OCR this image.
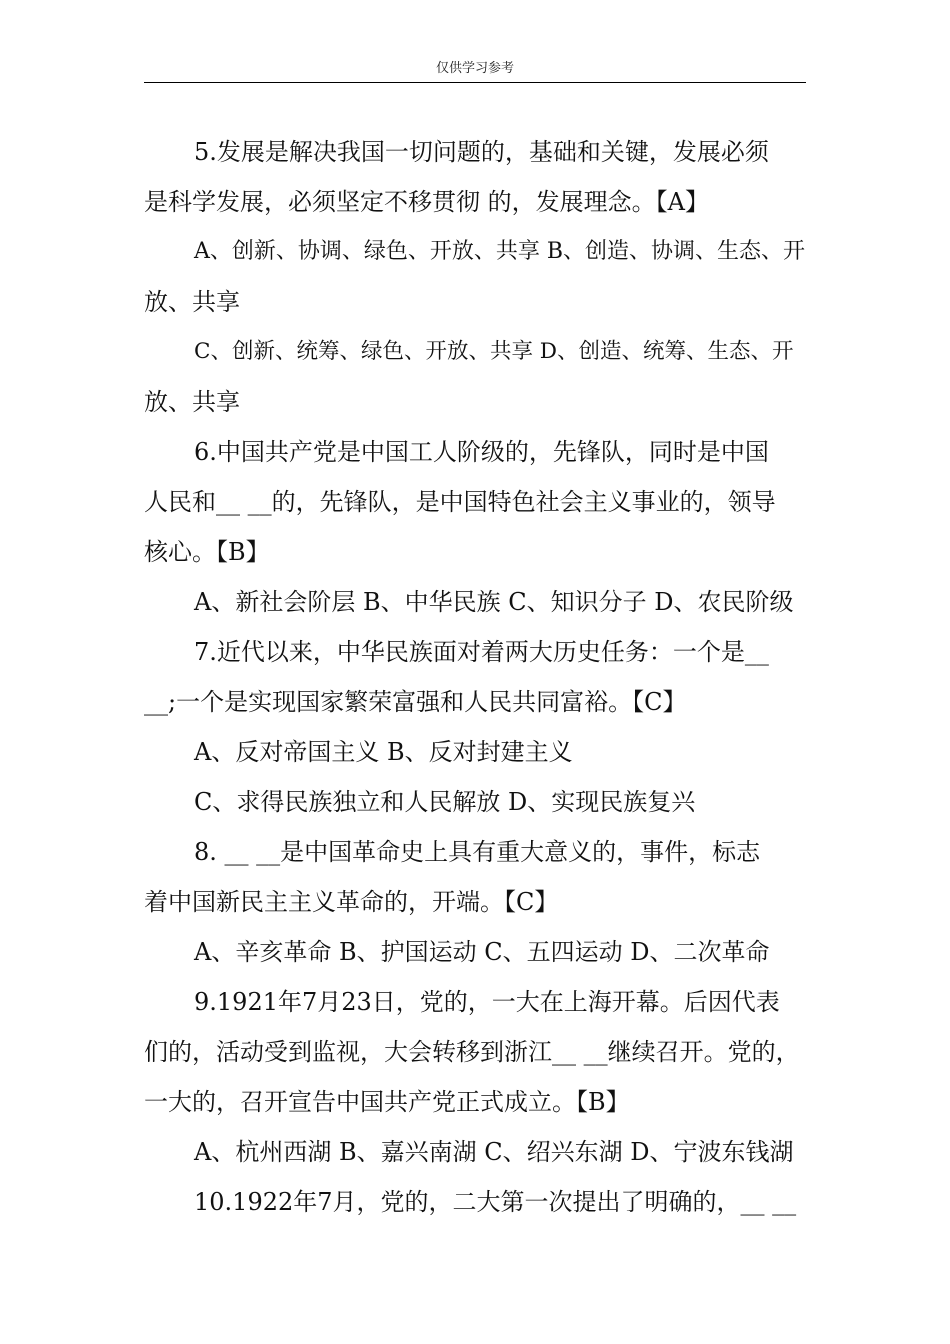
仅供学习参考
5.发展是解决我国一切问题的，基础和关键，发展必须
是科学发展，必须坚定不移贯彻 的，发展理念。【A】
A、创新、协调、绿色、开放、共享 B、创造、协调、生态、开
放、共享
C、创新、统筹、绿色、开放、共享 D、创造、统筹、生态、开
放、共享
6.中国共产党是中国工人阶级的，先锋队，同时是中国
人民和__ __的，先锋队，是中国特色社会主义事业的，领导
核心。【B】
A、新社会阶层 B、中华民族 C、知识分子 D、农民阶级
7.近代以来，中华民族面对着两大历史任务：一个是__
__;一个是实现国家繁荣富强和人民共同富裕。【C】
A、反对帝国主义 B、反对封建主义
C、求得民族独立和人民解放 D、实现民族复兴
8. __ __是中国革命史上具有重大意义的，事件，标志
着中国新民主主义革命的，开端。【C】
A、辛亥革命 B、护国运动 C、五四运动 D、二次革命
9.1921年7月23日，党的，一大在上海开幕。后因代表
们的，活动受到监视，大会转移到浙江__ __继续召开。党的，
一大的，召开宣告中国共产党正式成立。【B】
A、杭州西湖 B、嘉兴南湖 C、绍兴东湖 D、宁波东钱湖
10.1922年7月，党的，二大第一次提出了明确的，__ __
